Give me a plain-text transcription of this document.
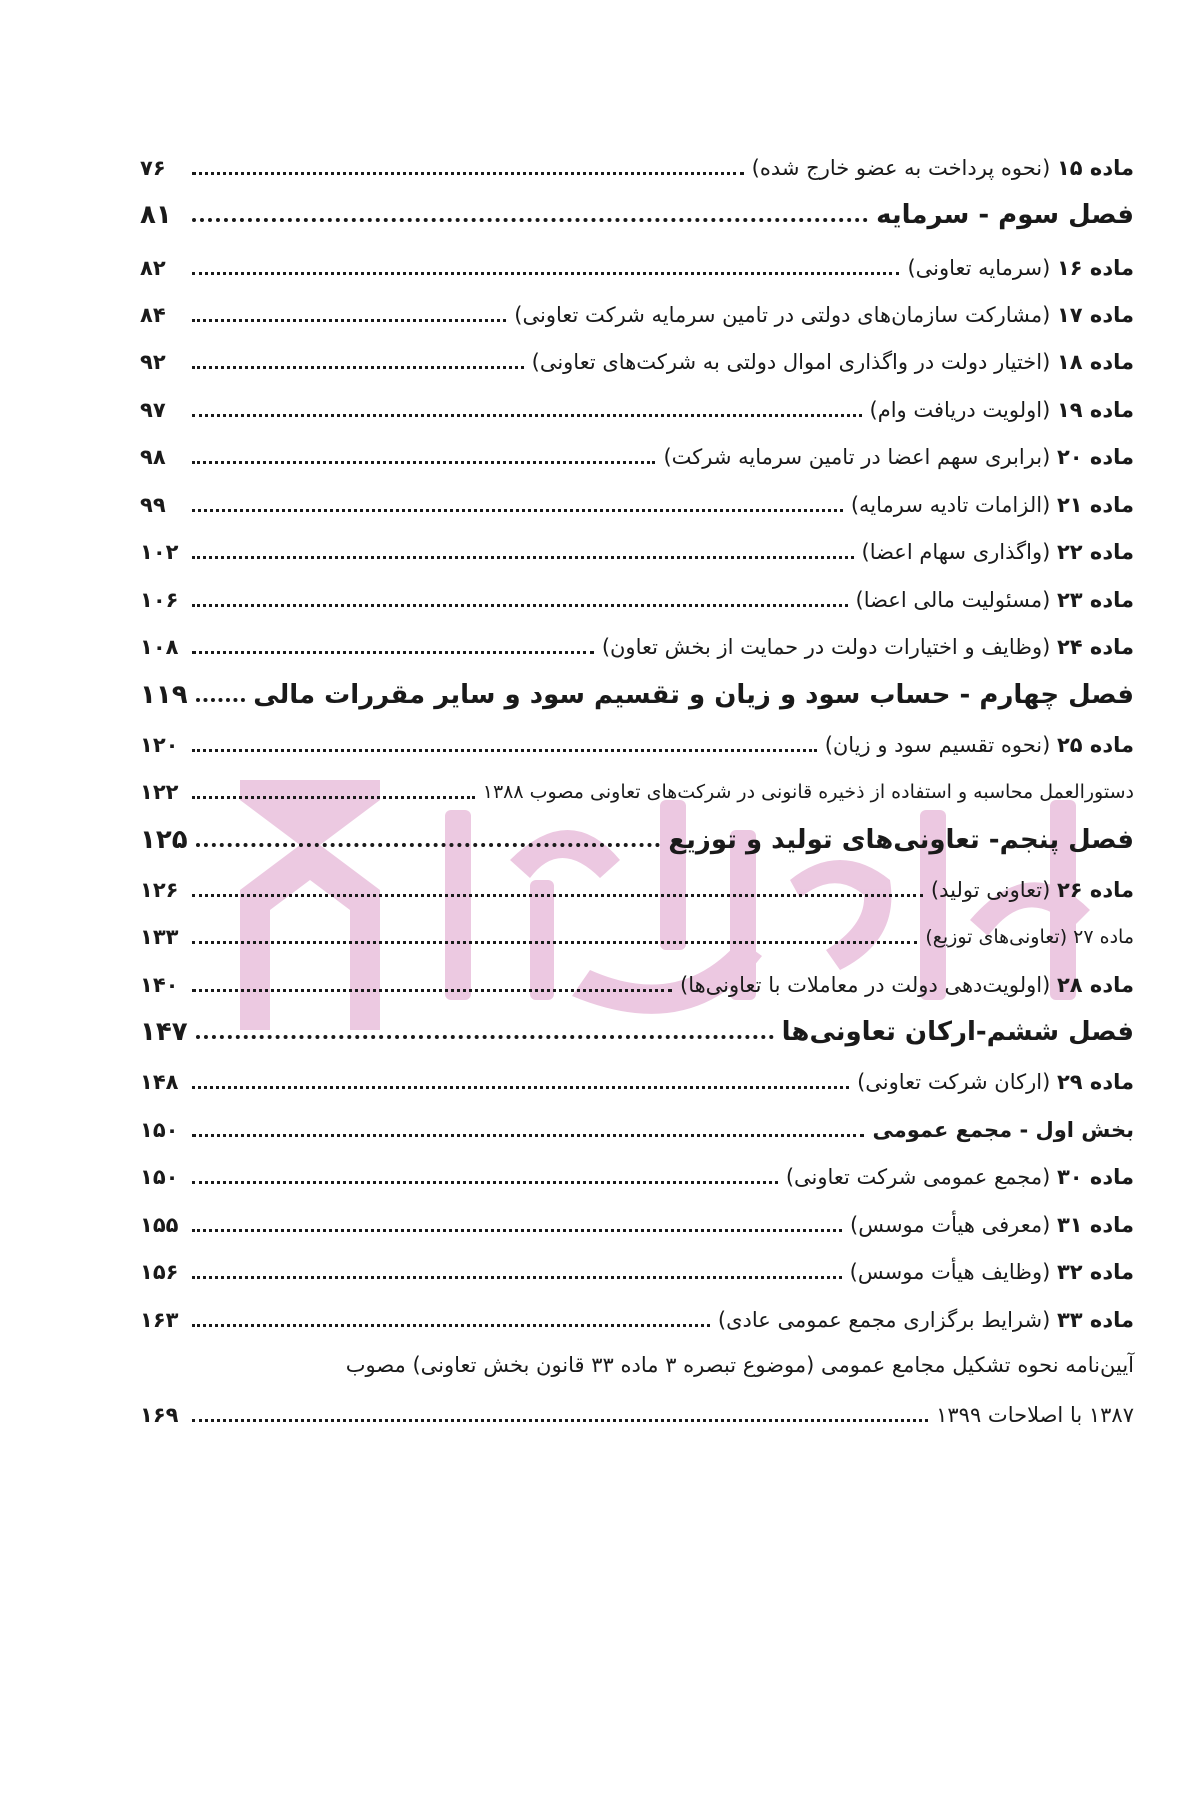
ماده ۱۵ (نحوه پرداخت به عضو خارج شده)
۷۶
فصل سوم - سرمایه
۸۱
ماده ۱۶ (سرمایه تعاونی)
۸۲
ماده ۱۷ (مشارکت سازمان‌های دولتی در تامین سرمایه شرکت تعاونی)
۸۴
ماده ۱۸ (اختیار دولت در واگذاری اموال دولتی به شرکت‌های تعاونی)
۹۲
ماده ۱۹ (اولویت دریافت وام)
۹۷
ماده ۲۰ (برابری سهم اعضا در تامین سرمایه شرکت)
۹۸
ماده ۲۱ (الزامات تادیه سرمایه)
۹۹
ماده ۲۲ (واگذاری سهام اعضا)
۱۰۲
ماده ۲۳ (مسئولیت مالی اعضا)
۱۰۶
ماده ۲۴ (وظایف و اختیارات دولت در حمایت از بخش تعاون)
۱۰۸
فصل چهارم - حساب سود و زیان و تقسیم سود و سایر مقررات مالی
۱۱۹
ماده ۲۵ (نحوه تقسیم سود و زیان)
۱۲۰
دستورالعمل محاسبه و استفاده از ذخیره قانونی در شرکت‌های تعاونی مصوب ۱۳۸۸
۱۲۲
فصل پنجم- تعاونی‌های تولید و توزیع
۱۲۵
ماده ۲۶ (تعاونی تولید)
۱۲۶
ماده ۲۷ (تعاونی‌های توزیع)
۱۳۳
ماده ۲۸ (اولویت‌دهی دولت در معاملات با تعاونی‌ها)
۱۴۰
فصل ششم-ارکان تعاونی‌ها
۱۴۷
ماده ۲۹ (ارکان شرکت تعاونی)
۱۴۸
بخش اول - مجمع عمومی
۱۵۰
ماده ۳۰ (مجمع عمومی شرکت تعاونی)
۱۵۰
ماده ۳۱ (معرفی هیأت موسس)
۱۵۵
ماده ۳۲ (وظایف هیأت موسس)
۱۵۶
ماده ۳۳ (شرایط برگزاری مجمع عمومی عادی)
۱۶۳
آیین‌نامه نحوه تشکیل مجامع عمومی (موضوع تبصره ۳ ماده ۳۳ قانون بخش تعاونی) مصوب
۱۳۸۷ با اصلاحات ۱۳۹۹
۱۶۹
